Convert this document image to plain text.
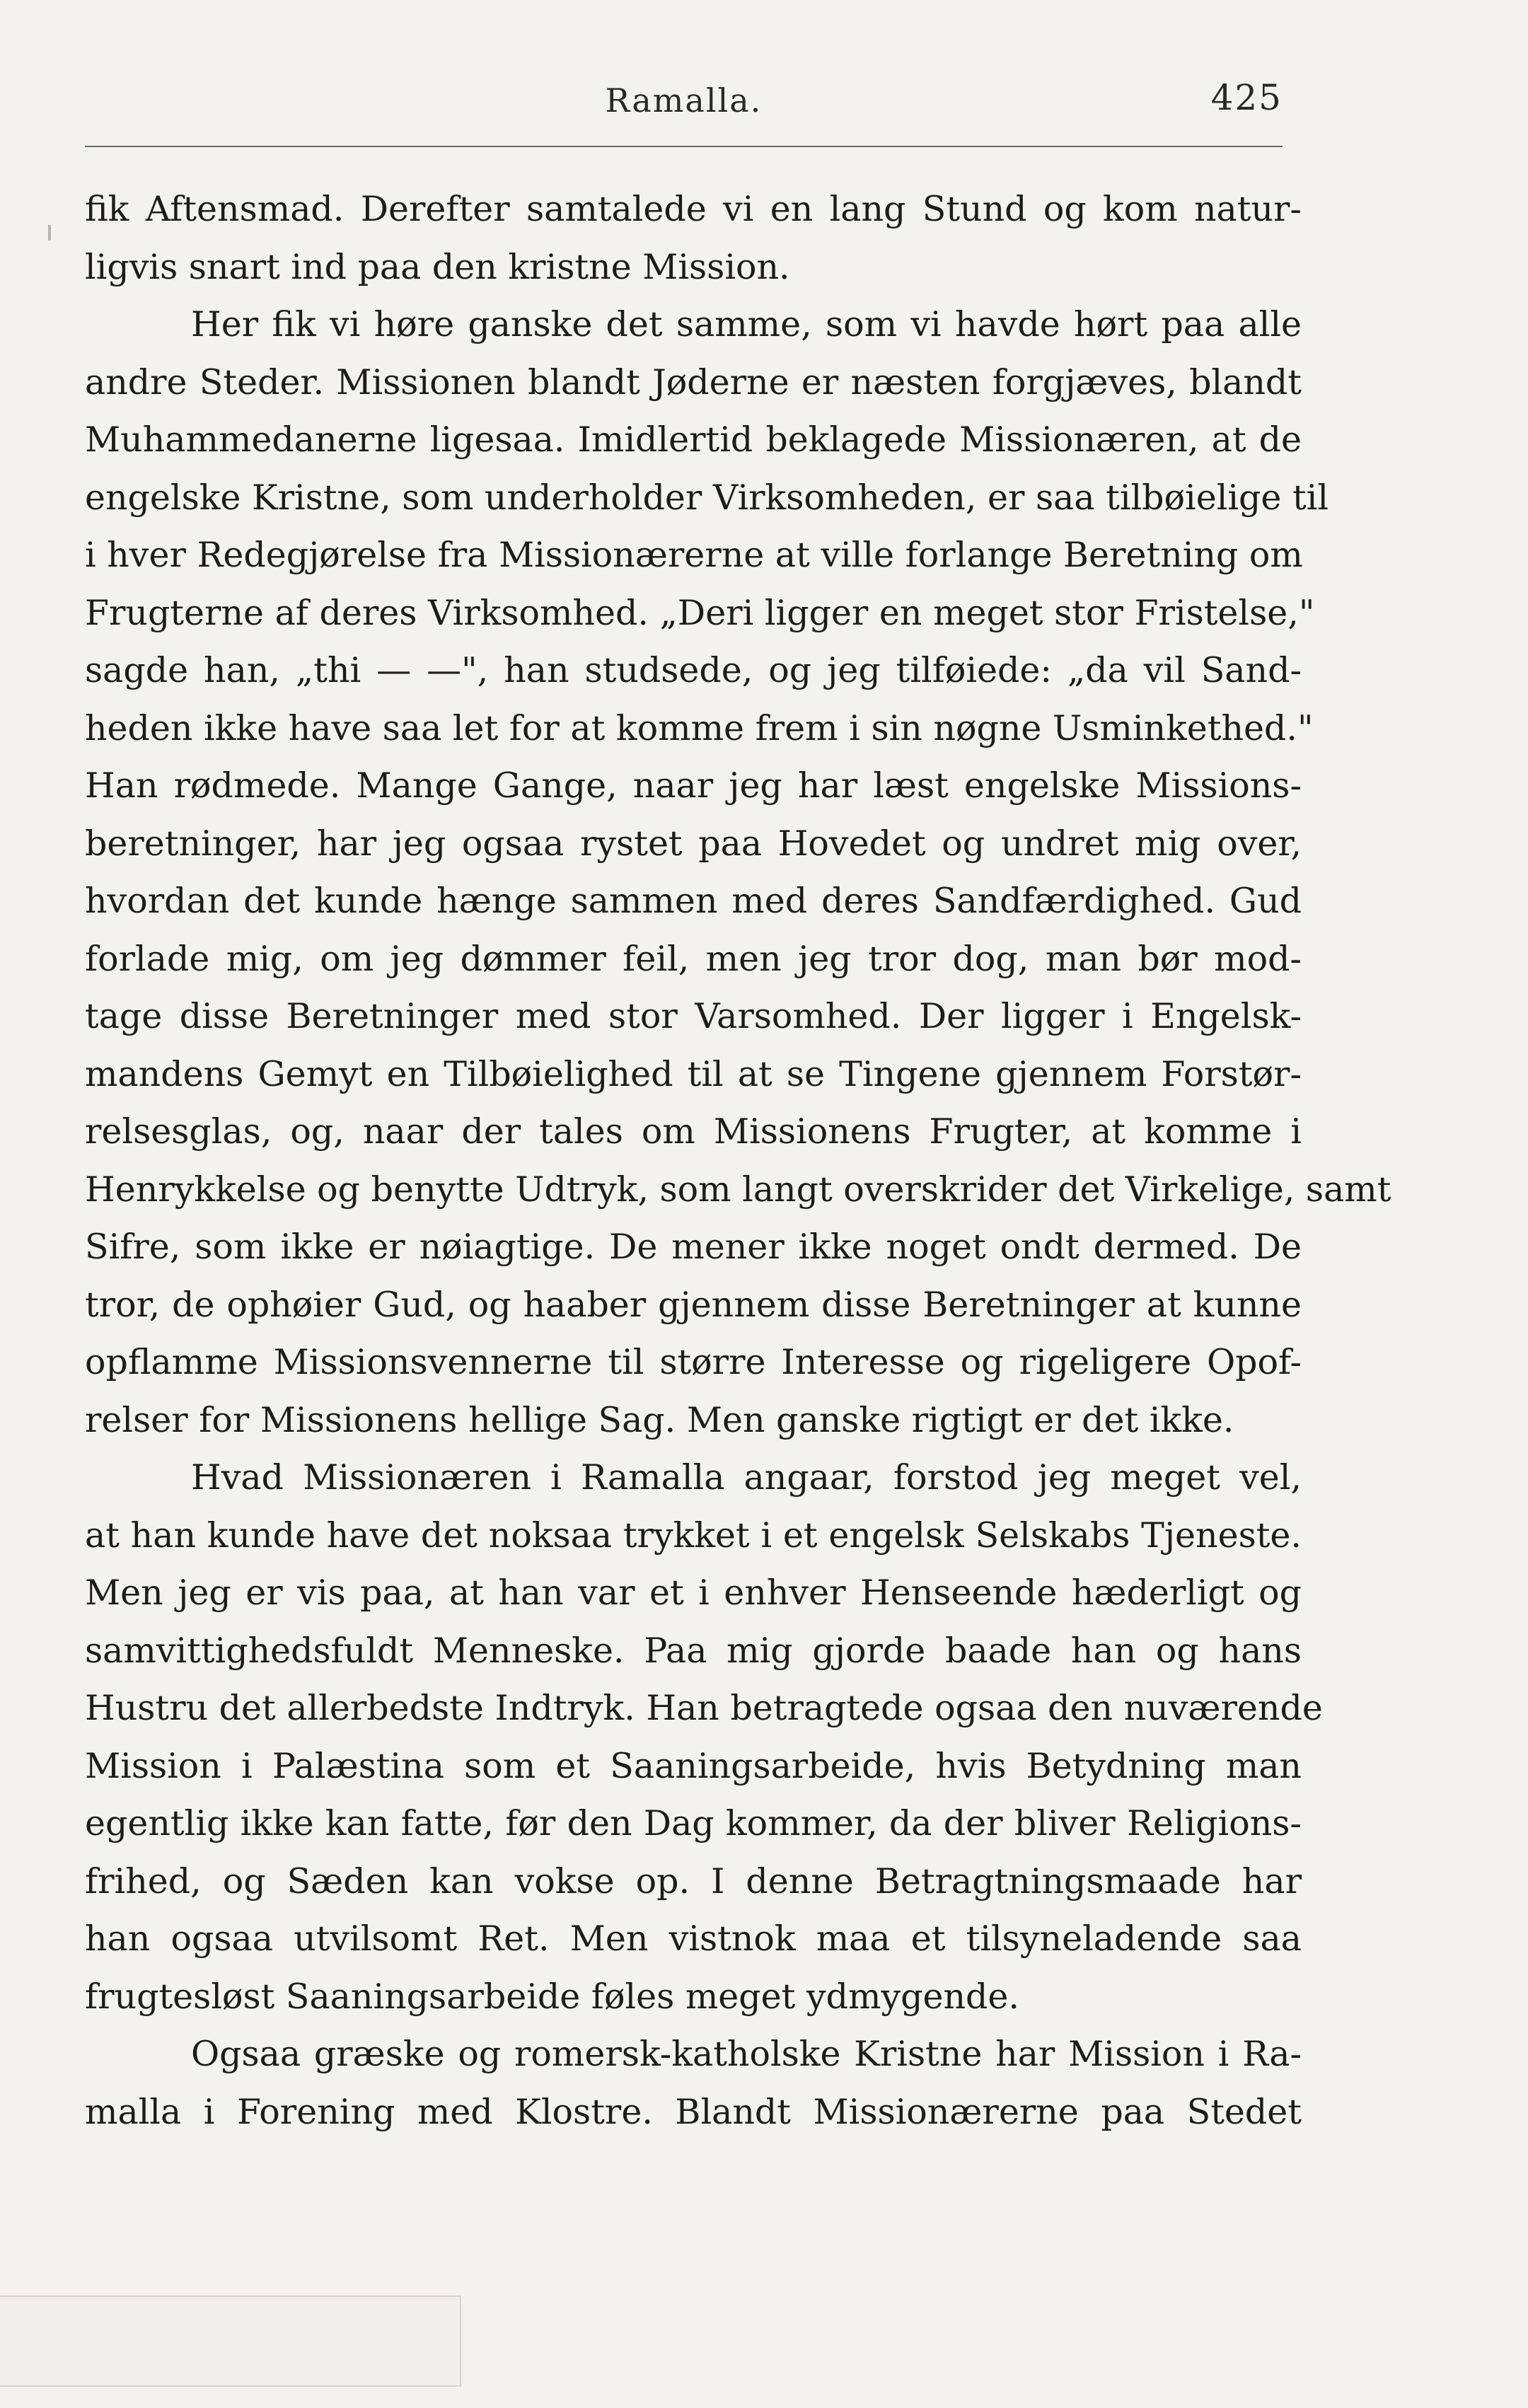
Ramalla.	425
fik Aftensmad. Derefter samtalede vi en lang Stund og kom natur-
ligvis snart ind paa den kristne Mission.
Her fik vi høre ganske det samme, som vi havde hørt paa alle
andre Steder. Missionen blandt Jøderne er næsten forgjæves, blandt
Muhammedanerne ligesaa. Imidlertid beklagede Missionæren, at de
engelske Kristne, som underholder Virksomheden, er saa tilbøielige til
i hver Redegjørelse fra Missionærerne at ville forlange Beretning om
Frugterne af deres Virksomhed. „Deri ligger en meget stor Fristelse,"
sagde han, „thi — —", han studsede, og jeg tilføiede: „da vil Sand-
heden ikke have saa let for at komme frem i sin nøgne Usminkethed."
Han rødmede. Mange Gange, naar jeg har læst engelske Missions-
beretninger, har jeg ogsaa rystet paa Hovedet og undret mig over,
hvordan det kunde hænge sammen med deres Sandfærdighed. Gud
forlade mig, om jeg dømmer feil, men jeg tror dog, man bør mod-
tage disse Beretninger med stor Varsomhed. Der ligger i Engelsk-
mandens Gemyt en Tilbøielighed til at se Tingene gjennem Forstør-
relsesglas, og, naar der tales om Missionens Frugter, at komme i
Henrykkelse og benytte Udtryk, som langt overskrider det Virkelige, samt
Sifre, som ikke er nøiagtige. De mener ikke noget ondt dermed. De
tror, de ophøier Gud, og haaber gjennem disse Beretninger at kunne
opflamme Missionsvennerne til større Interesse og rigeligere Opof-
relser for Missionens hellige Sag. Men ganske rigtigt er det ikke.
Hvad Missionæren i Ramalla angaar, forstod jeg meget vel,
at han kunde have det noksaa trykket i et engelsk Selskabs Tjeneste.
Men jeg er vis paa, at han var et i enhver Henseende hæderligt og
samvittighedsfuldt Menneske. Paa mig gjorde baade han og hans
Hustru det allerbedste Indtryk. Han betragtede ogsaa den nuværende
Mission i Palæstina som et Saaningsarbeide, hvis Betydning man
egentlig ikke kan fatte, før den Dag kommer, da der bliver Religions-
frihed, og Sæden kan vokse op. I denne Betragtningsmaade har
han ogsaa utvilsomt Ret. Men vistnok maa et tilsyneladende saa
frugtesløst Saaningsarbeide føles meget ydmygende.
Ogsaa græske og romersk-katholske Kristne har Mission i Ra-
malla i Forening med Klostre. Blandt Missionærerne paa Stedet
